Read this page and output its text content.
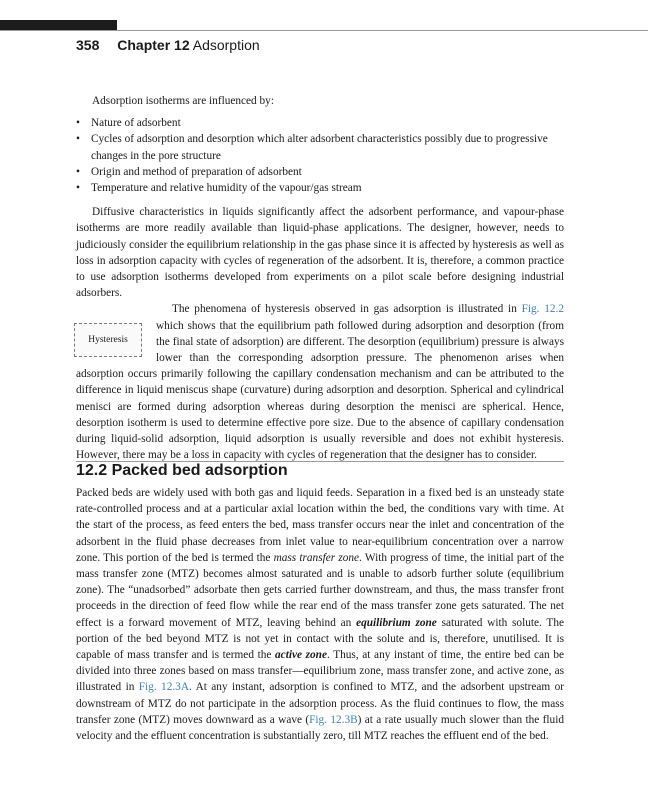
358 Chapter 12 Adsorption

Adsorption isotherms are influenced by:

• Nature of adsorbent
• Cycles of adsorption and desorption which alter adsorbent characteristics possibly due to progressive changes in the pore structure
• Origin and method of preparation of adsorbent
• Temperature and relative humidity of the vapour/gas stream

Diffusive characteristics in liquids significantly affect the adsorbent performance, and vapour-phase isotherms are more readily available than liquid-phase applications. The designer, however, needs to judiciously consider the equilibrium relationship in the gas phase since it is affected by hysteresis as well as loss in adsorption capacity with cycles of regeneration of the adsorbent. It is, therefore, a common practice to use adsorption isotherms developed from experiments on a pilot scale before designing industrial adsorbers.

The phenomena of hysteresis observed in gas adsorption is illustrated in Fig. 12.2
Hysteresis
which shows that the equilibrium path followed during adsorption and desorption (from the final state of adsorption) are different. The desorption (equilibrium) pressure is always lower than the corresponding adsorption pressure. The phenomenon arises when adsorption occurs primarily following the capillary condensation mechanism and can be attributed to the difference in liquid meniscus shape (curvature) during adsorption and desorption. Spherical and cylindrical menisci are formed during adsorption whereas during desorption the menisci are spherical. Hence, desorption isotherm is used to determine effective pore size. Due to the absence of capillary condensation during liquid-solid adsorption, liquid adsorption is usually reversible and does not exhibit hysteresis. However, there may be a loss in capacity with cycles of regeneration that the designer has to consider.

12.2 Packed bed adsorption

Packed beds are widely used with both gas and liquid feeds. Separation in a fixed bed is an unsteady state rate-controlled process and at a particular axial location within the bed, the conditions vary with time. At the start of the process, as feed enters the bed, mass transfer occurs near the inlet and concentration of the adsorbent in the fluid phase decreases from inlet value to near-equilibrium concentration over a narrow zone. This portion of the bed is termed the mass transfer zone. With progress of time, the initial part of the mass transfer zone (MTZ) becomes almost saturated and is unable to adsorb further solute (equilibrium zone). The “unadsorbed” adsorbate then gets carried further downstream, and thus, the mass transfer front proceeds in the direction of feed flow while the rear end of the mass transfer zone gets saturated. The net effect is a forward movement of MTZ, leaving behind an equilibrium zone saturated with solute. The portion of the bed beyond MTZ is not yet in contact with the solute and is, therefore, unutilised. It is capable of mass transfer and is termed the active zone. Thus, at any instant of time, the entire bed can be divided into three zones based on mass transfer—equilibrium zone, mass transfer zone, and active zone, as illustrated in Fig. 12.3A. At any instant, adsorption is confined to MTZ, and the adsorbent upstream or downstream of MTZ do not participate in the adsorption process. As the fluid continues to flow, the mass transfer zone (MTZ) moves downward as a wave (Fig. 12.3B) at a rate usually much slower than the fluid velocity and the effluent concentration is substantially zero, till MTZ reaches the effluent end of the bed.
